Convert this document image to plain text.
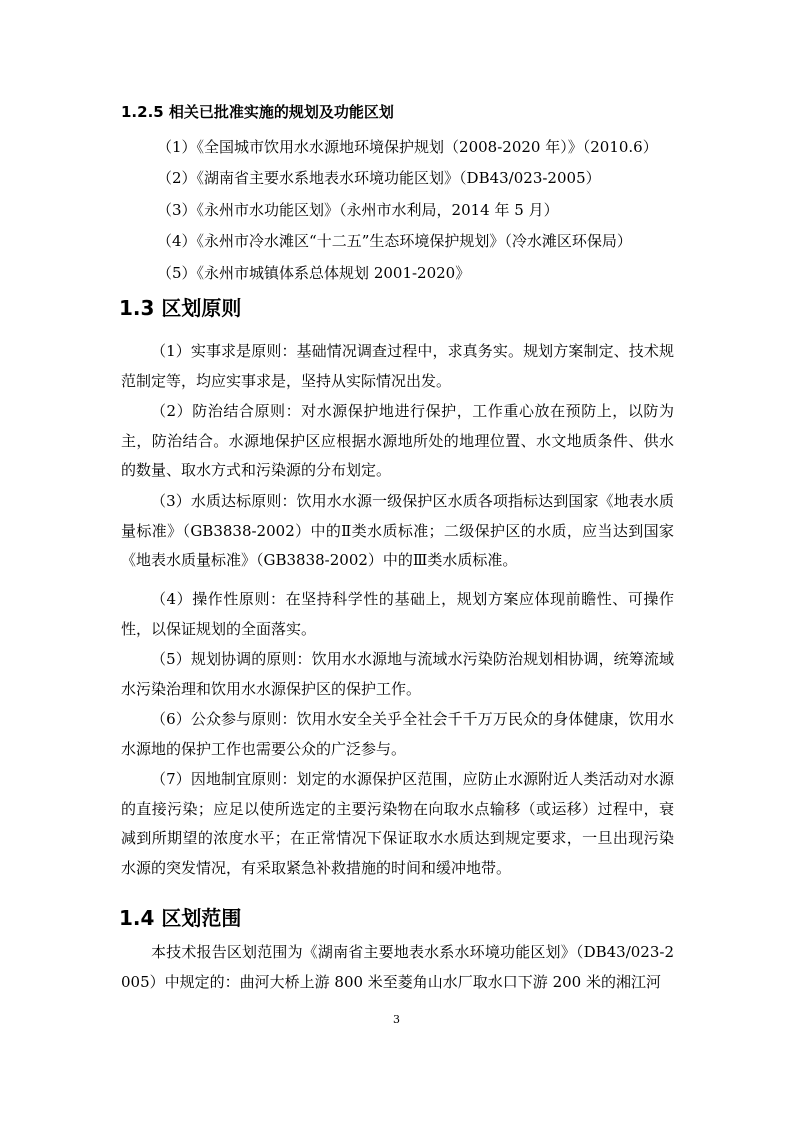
1.2.5 相关已批准实施的规划及功能区划
（1）《全国城市饮用水水源地环境保护规划（2008-2020 年）》（2010.6）
（2）《湖南省主要水系地表水环境功能区划》（DB43/023-2005）
（3）《永州市水功能区划》（永州市水利局，2014 年 5 月）
（4）《永州市冷水滩区“十二五”生态环境保护规划》（冷水滩区环保局）
（5）《永州市城镇体系总体规划 2001-2020》
1.3 区划原则

（1）实事求是原则：基础情况调查过程中，求真务实。规划方案制定、技术规范制定等，均应实事求是，坚持从实际情况出发。

（2）防治结合原则：对水源保护地进行保护，工作重心放在预防上，以防为主，防治结合。水源地保护区应根据水源地所处的地理位置、水文地质条件、供水的数量、取水方式和污染源的分布划定。

（3）水质达标原则：饮用水水源一级保护区水质各项指标达到国家《地表水质量标准》（GB3838-2002）中的Ⅱ类水质标准；二级保护区的水质，应当达到国家《地表水质量标准》（GB3838-2002）中的Ⅲ类水质标准。

（4）操作性原则：在坚持科学性的基础上，规划方案应体现前瞻性、可操作性，以保证规划的全面落实。

（5）规划协调的原则：饮用水水源地与流域水污染防治规划相协调，统筹流域水污染治理和饮用水水源保护区的保护工作。

（6）公众参与原则：饮用水安全关乎全社会千千万万民众的身体健康，饮用水水源地的保护工作也需要公众的广泛参与。

（7）因地制宜原则：划定的水源保护区范围，应防止水源附近人类活动对水源的直接污染；应足以使所选定的主要污染物在向取水点输移（或运移）过程中，衰减到所期望的浓度水平；在正常情况下保证取水水质达到规定要求，一旦出现污染水源的突发情况，有采取紧急补救措施的时间和缓冲地带。

1.4 区划范围

本技术报告区划范围为《湖南省主要地表水系水环境功能区划》（DB43/023-2005）中规定的：曲河大桥上游 800 米至菱角山水厂取水口下游 200 米的湘江河

3
